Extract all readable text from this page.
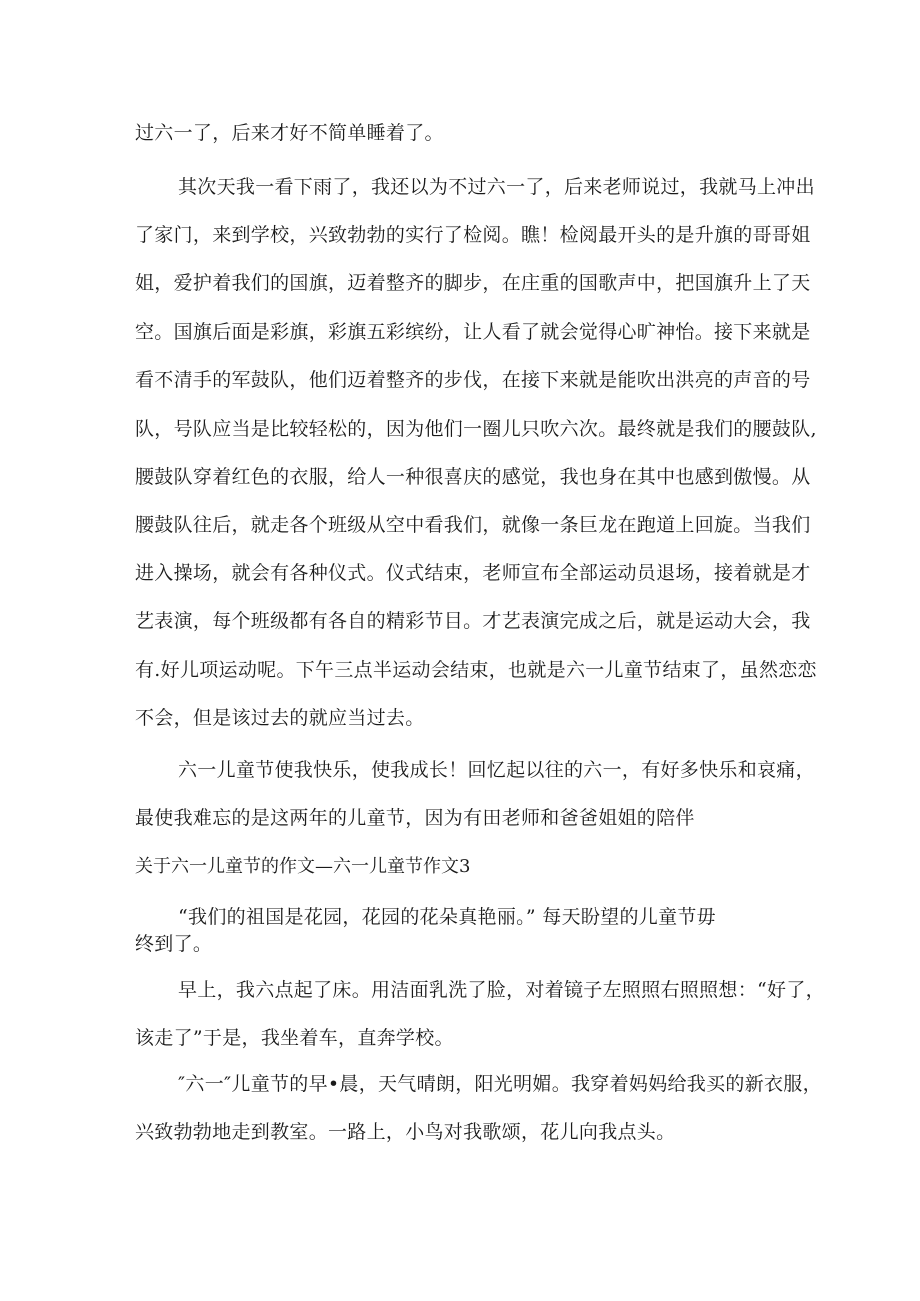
过六一了，后来才好不简单睡着了。
其次天我一看下雨了，我还以为不过六一了，后来老师说过，我就马上冲出
了家门，来到学校，兴致勃勃的实行了检阅。瞧！检阅最开头的是升旗的哥哥姐
姐，爱护着我们的国旗，迈着整齐的脚步，在庄重的国歌声中，把国旗升上了天
空。国旗后面是彩旗，彩旗五彩缤纷，让人看了就会觉得心旷神怡。接下来就是
看不清手的军鼓队，他们迈着整齐的步伐，在接下来就是能吹出洪亮的声音的号
队，号队应当是比较轻松的，因为他们一圈儿只吹六次。最终就是我们的腰鼓队,
腰鼓队穿着红色的衣服，给人一种很喜庆的感觉，我也身在其中也感到傲慢。从
腰鼓队往后，就走各个班级从空中看我们，就像一条巨龙在跑道上回旋。当我们
进入操场，就会有各种仪式。仪式结束，老师宣布全部运动员退场，接着就是才
艺表演，每个班级都有各自的精彩节目。才艺表演完成之后，就是运动大会，我
有.好儿项运动呢。下午三点半运动会结束，也就是六一儿童节结束了，虽然恋恋
不会，但是该过去的就应当过去。
六一儿童节使我快乐，使我成长！回忆起以往的六一，有好多快乐和哀痛，
最使我难忘的是这两年的儿童节，因为有田老师和爸爸姐姐的陪伴
关于六一儿童节的作文—六一儿童节作文3
“我们的祖国是花园，花园的花朵真艳丽。” 每天盼望的儿童节毋
终到了。
早上，我六点起了床。用洁面乳洗了脸，对着镜子左照照右照照想：“好了，
该走了”于是，我坐着车，直奔学校。
″六一″儿童节的早•晨，天气晴朗，阳光明媚。我穿着妈妈给我买的新衣服，
兴致勃勃地走到教室。一路上，小鸟对我歌颂，花儿向我点头。
